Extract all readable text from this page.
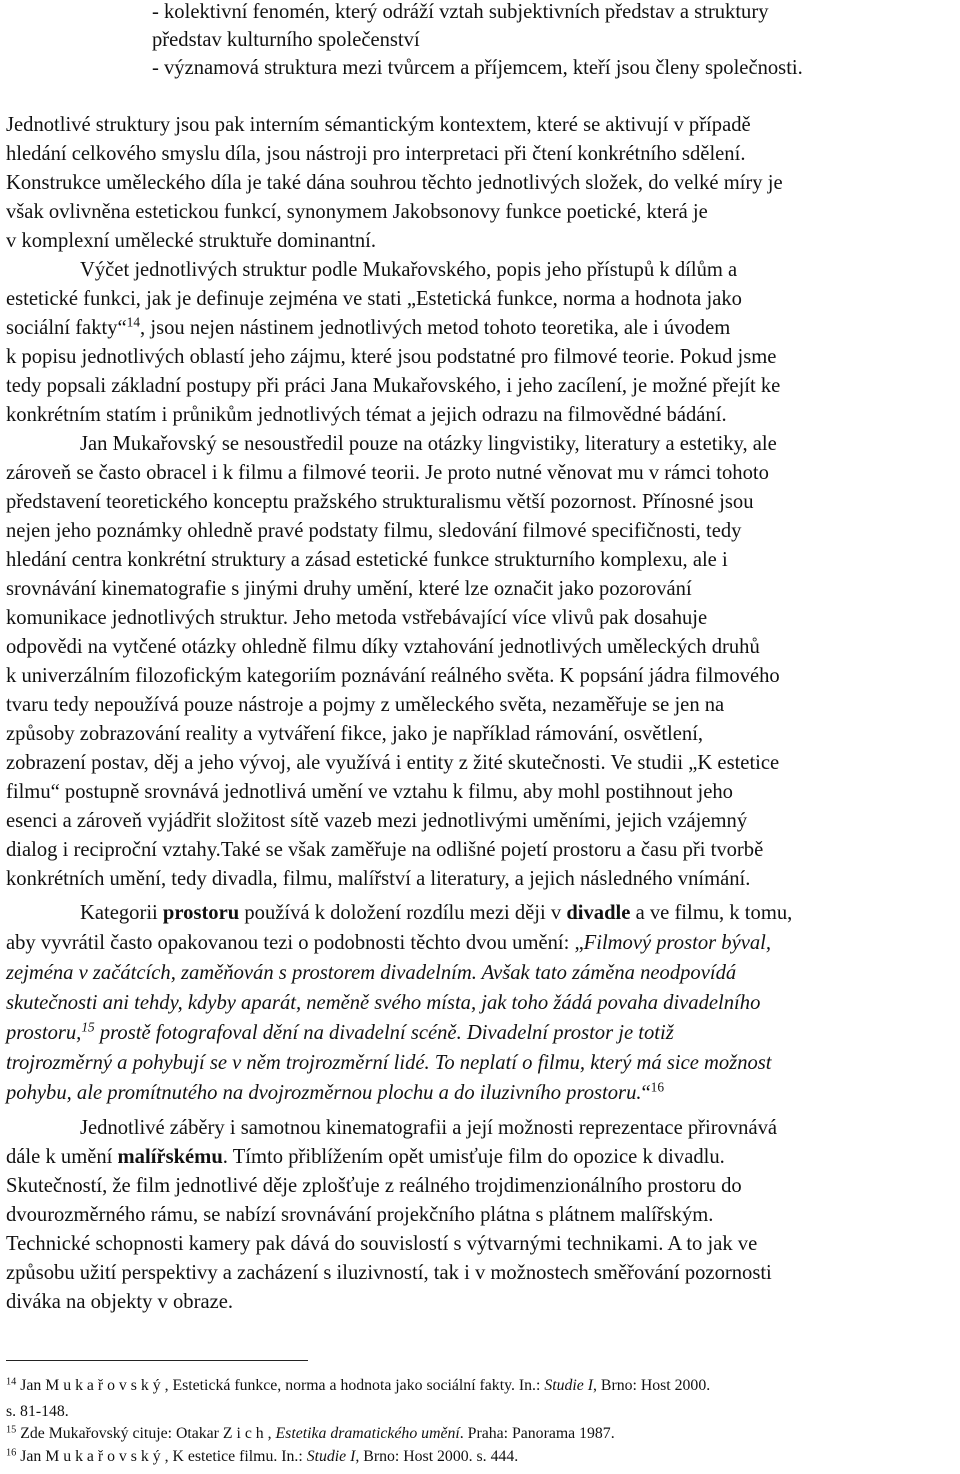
- kolektivní fenomén, který odráží vztah subjektivních představ a struktury
představ kulturního společenství
- významová struktura mezi tvůrcem a příjemcem, kteří jsou členy společnosti.
Jednotlivé struktury jsou pak interním sémantickým kontextem, které se aktivují v případě
hledání celkového smyslu díla, jsou nástroji pro interpretaci při čtení konkrétního sdělení.
Konstrukce uměleckého díla je také dána souhrou těchto jednotlivých složek, do velké míry je
však ovlivněna estetickou funkcí, synonymem Jakobsonovy funkce poetické, která je
v komplexní umělecké struktuře dominantní.
Výčet jednotlivých struktur podle Mukařovského, popis jeho přístupů k dílům a
estetické funkci, jak je definuje zejména ve stati „Estetická funkce, norma a hodnota jako
sociální fakty“$^{14}$, jsou nejen nástinem jednotlivých metod tohoto teoretika, ale i úvodem
k popisu jednotlivých oblastí jeho zájmu, které jsou podstatné pro filmové teorie. Pokud jsme
tedy popsali základní postupy při práci Jana Mukařovského, i jeho zacílení, je možné přejít ke
konkrétním statím i průnikům jednotlivých témat a jejich odrazu na filmovědné bádání.
Jan Mukařovský se nesoustředil pouze na otázky lingvistiky, literatury a estetiky, ale
zároveň se často obracel i k filmu a filmové teorii. Je proto nutné věnovat mu v rámci tohoto
představení teoretického konceptu pražského strukturalismu větší pozornost. Přínosné jsou
nejen jeho poznámky ohledně pravé podstaty filmu, sledování filmové specifičnosti, tedy
hledání centra konkrétní struktury a zásad estetické funkce strukturního komplexu, ale i
srovnávání kinematografie s jinými druhy umění, které lze označit jako pozorování
komunikace jednotlivých struktur. Jeho metoda vstřebávající více vlivů pak dosahuje
odpovědi na vytčené otázky ohledně filmu díky vztahování jednotlivých uměleckých druhů
k univerzálním filozofickým kategoriím poznávání reálného světa. K popsání jádra filmového
tvaru tedy nepoužívá pouze nástroje a pojmy z uměleckého světa, nezaměřuje se jen na
způsoby zobrazování reality a vytváření fikce, jako je například rámování, osvětlení,
zobrazení postav, děj a jeho vývoj, ale využívá i entity z žité skutečnosti. Ve studii „K estetice
filmu“ postupně srovnává jednotlivá umění ve vztahu k filmu, aby mohl postihnout jeho
esenci a zároveň vyjádřit složitost sítě vazeb mezi jednotlivými uměními, jejich vzájemný
dialog i reciproční vztahy.Také se však zaměřuje na odlišné pojetí prostoru a času při tvorbě
konkrétních umění, tedy divadla, filmu, malířství a literatury, a jejich následného vnímání.
Kategorii prostoru používá k doložení rozdílu mezi ději v divadle a ve filmu, k tomu,
aby vyvrátil často opakovanou tezi o podobnosti těchto dvou umění: „Filmový prostor býval,
zejména v začátcích, zaměňován s prostorem divadelním. Avšak tato záměna neodpovídá
skutečnosti ani tehdy, kdyby aparát, neměně svého místa, jak toho žádá povaha divadelního
prostoru,$^{15}$ prostě fotografoval dění na divadelní scéně. Divadelní prostor je totiž
trojrozměrný a pohybují se v něm trojrozměrní lidé. To neplatí o filmu, který má sice možnost
pohybu, ale promítnutého na dvojrozměrnou plochu a do iluzivního prostoru.“$^{16}$
Jednotlivé záběry i samotnou kinematografii a její možnosti reprezentace přirovnává
dále k umění malířskému. Tímto přiblížením opět umisťuje film do opozice k divadlu.
Skutečností, že film jednotlivé děje zplošťuje z reálného trojdimenzionálního prostoru do
dvourozměrného rámu, se nabízí srovnávání projekčního plátna s plátnem malířským.
Technické schopnosti kamery pak dává do souvislostí s výtvarnými technikami. A to jak ve
způsobu užití perspektivy a zacházení s iluzivností, tak i v možnostech směřování pozornosti
diváka na objekty v obraze.
$^{14}$ Jan M u k a ř o v s k ý , Estetická funkce, norma a hodnota jako sociální fakty. In.: Studie I, Brno: Host 2000.
s. 81-148.
$^{15}$ Zde Mukařovský cituje: Otakar Z i c h , Estetika dramatického umění. Praha: Panorama 1987.
$^{16}$ Jan M u k a ř o v s k ý , K estetice filmu. In.: Studie I, Brno: Host 2000. s. 444.
